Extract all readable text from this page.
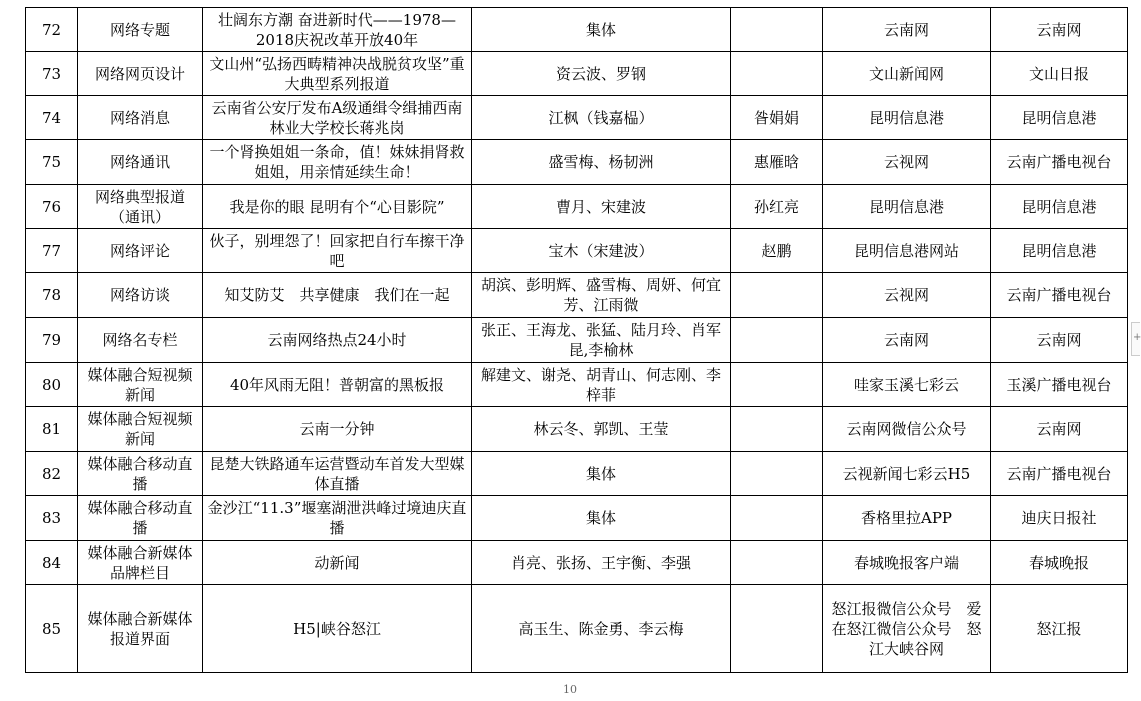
72	网络专题	壮阔东方潮 奋进新时代——1978—2018庆祝改革开放40年	集体		云南网	云南网
73	网络网页设计	文山州“弘扬西畴精神决战脱贫攻坚”重大典型系列报道	资云波、罗钢		文山新闻网	文山日报
74	网络消息	云南省公安厅发布A级通缉令缉捕西南林业大学校长蒋兆岗	江枫（钱嘉榀）	昝娟娟	昆明信息港	昆明信息港
75	网络通讯	一个肾换姐姐一条命，值！妹妹捐肾救姐姐，用亲情延续生命！	盛雪梅、杨韧洲	惠雁晗	云视网	云南广播电视台
76	网络典型报道（通讯）	我是你的眼 昆明有个“心目影院”	曹月、宋建波	孙红亮	昆明信息港	昆明信息港
77	网络评论	伙子，别埋怨了！回家把自行车擦干净吧	宝木（宋建波）	赵鹏	昆明信息港网站	昆明信息港
78	网络访谈	知艾防艾　共享健康　我们在一起	胡滨、彭明辉、盛雪梅、周妍、何宜芳、江雨微		云视网	云南广播电视台
79	网络名专栏	云南网络热点24小时	张正、王海龙、张猛、陆月玲、肖军昆,李榆林		云南网	云南网
80	媒体融合短视频新闻	40年风雨无阻！普朝富的黑板报	解建文、谢尧、胡青山、何志刚、李梓菲		哇家玉溪七彩云	玉溪广播电视台
81	媒体融合短视频新闻	云南一分钟	林云冬、郭凯、王莹		云南网微信公众号	云南网
82	媒体融合移动直播	昆楚大铁路通车运营暨动车首发大型媒体直播	集体		云视新闻七彩云H5	云南广播电视台
83	媒体融合移动直播	金沙江“11.3”堰塞湖泄洪峰过境迪庆直播	集体		香格里拉APP	迪庆日报社
84	媒体融合新媒体品牌栏目	动新闻	肖亮、张扬、王宇衡、李强		春城晚报客户端	春城晚报
85	媒体融合新媒体报道界面	H5|峡谷怒江	高玉生、陈金勇、李云梅		怒江报微信公众号　爱在怒江微信公众号　怒江大峡谷网	怒江报
10
+
